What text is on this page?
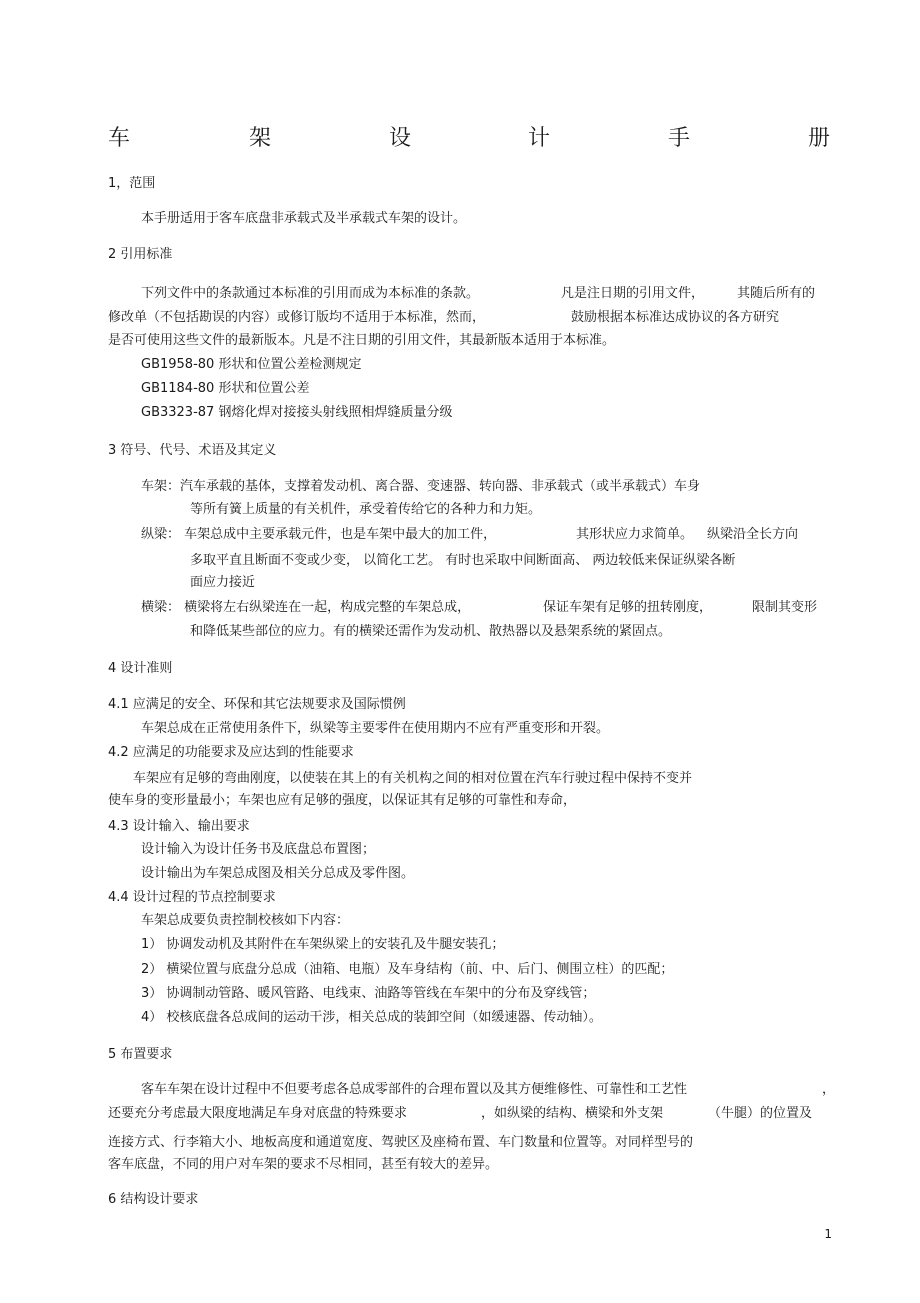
车	架	设	计	手	册
1，范围
本手册适用于客车底盘非承载式及半承载式车架的设计。
2 引用标准
下列文件中的条款通过本标准的引用而成为本标准的条款。	凡是注日期的引用文件，	其随后所有的
修改单（不包括勘误的内容）或修订版均不适用于本标准，然而，	鼓励根据本标准达成协议的各方研究
是否可使用这些文件的最新版本。凡是不注日期的引用文件，其最新版本适用于本标准。
GB1958-80 形状和位置公差检测规定
GB1184-80 形状和位置公差
GB3323-87 钢熔化焊对接接头射线照相焊缝质量分级
3 符号、代号、术语及其定义
车架：汽车承载的基体，支撑着发动机、离合器、变速器、转向器、非承载式（或半承载式）车身
等所有簧上质量的有关机件，承受着传给它的各种力和力矩。
纵梁： 车架总成中主要承载元件，也是车架中最大的加工件，	其形状应力求简单。 纵梁沿全长方向
多取平直且断面不变或少变， 以简化工艺。 有时也采取中间断面高、 两边较低来保证纵梁各断
面应力接近
横梁： 横梁将左右纵梁连在一起，构成完整的车架总成，	保证车架有足够的扭转刚度，	限制其变形
和降低某些部位的应力。有的横梁还需作为发动机、散热器以及悬架系统的紧固点。
4 设计准则
4.1 应满足的安全、环保和其它法规要求及国际惯例
车架总成在正常使用条件下，纵梁等主要零件在使用期内不应有严重变形和开裂。
4.2 应满足的功能要求及应达到的性能要求
车架应有足够的弯曲刚度，以使装在其上的有关机构之间的相对位置在汽车行驶过程中保持不变并
使车身的变形量最小；车架也应有足够的强度，以保证其有足够的可靠性和寿命，
4.3 设计输入、输出要求
设计输入为设计任务书及底盘总布置图；
设计输出为车架总成图及相关分总成及零件图。
4.4 设计过程的节点控制要求
车架总成要负责控制校核如下内容：
1） 协调发动机及其附件在车架纵梁上的安装孔及牛腿安装孔；
2） 横梁位置与底盘分总成（油箱、电瓶）及车身结构（前、中、后门、侧围立柱）的匹配；
3） 协调制动管路、暖风管路、电线束、油路等管线在车架中的分布及穿线管；
4） 校核底盘各总成间的运动干涉，相关总成的装卸空间（如缓速器、传动轴）。
5 布置要求
客车车架在设计过程中不但要考虑各总成零部件的合理布置以及其方便维修性、可靠性和工艺性	，
还要充分考虑最大限度地满足车身对底盘的特殊要求	，如纵梁的结构、横梁和外支架	（牛腿）的位置及
连接方式、行李箱大小、地板高度和通道宽度、驾驶区及座椅布置、车门数量和位置等。对同样型号的
客车底盘，不同的用户对车架的要求不尽相同，甚至有较大的差异。
6 结构设计要求
1
